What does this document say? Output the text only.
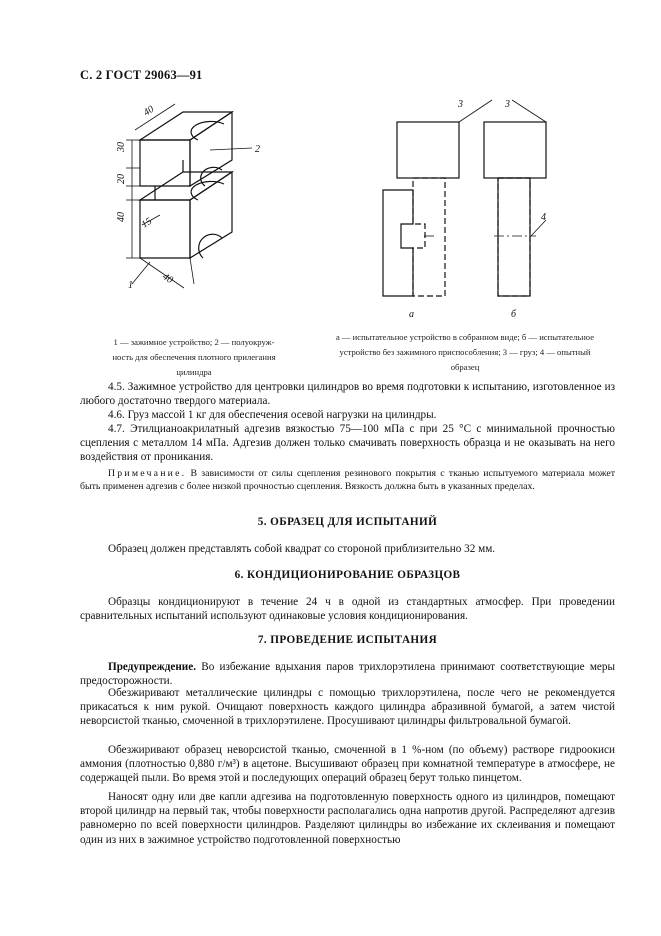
С. 2 ГОСТ 29063—91
40
30
20
40 15
40
1
2
3	3
4
а	б
1 — зажимное устройство; 2 — полуокруж-
ность для обеспечения плотного прилегания
цилиндра
а — испытательное устройство в собранном виде; б — испытательное
устройство без зажимного приспособления; 3 — груз; 4 — опытный
образец
4.5. Зажимное устройство для центровки цилиндров во время подготовки к испытанию, изготовленное из любого достаточно твердого материала.
4.6. Груз массой 1 кг для обеспечения осевой нагрузки на цилиндры.
4.7. Этилцианоакрилатный адгезив вязкостью 75—100 мПа с при 25 °С с минимальной прочностью сцепления с металлом 14 мПа. Адгезив должен только смачивать поверхность образца и не оказывать на него воздействия от проникания.
Примечание. В зависимости от силы сцепления резинового покрытия с тканью испытуемого материала может быть применен адгезив с более низкой прочностью сцепления. Вязкость должна быть в указанных пределах.
5. ОБРАЗЕЦ ДЛЯ ИСПЫТАНИЙ
Образец должен представлять собой квадрат со стороной приблизительно 32 мм.
6. КОНДИЦИОНИРОВАНИЕ ОБРАЗЦОВ
Образцы кондиционируют в течение 24 ч в одной из стандартных атмосфер. При проведении сравнительных испытаний используют одинаковые условия кондиционирования.
7. ПРОВЕДЕНИЕ ИСПЫТАНИЯ
Предупреждение. Во избежание вдыхания паров трихлорэтилена принимают соответствующие меры предосторожности.
Обезжиривают металлические цилиндры с помощью трихлорэтилена, после чего не рекомендуется прикасаться к ним рукой. Очищают поверхность каждого цилиндра абразивной бумагой, а затем чистой неворсистой тканью, смоченной в трихлорэтилене. Просушивают цилиндры фильтровальной бумагой.
Обезжиривают образец неворсистой тканью, смоченной в 1 %-ном (по объему) растворе гидроокиси аммония (плотностью 0,880 г/м³) в ацетоне. Высушивают образец при комнатной температуре в атмосфере, не содержащей пыли. Во время этой и последующих операций образец берут только пинцетом.
Наносят одну или две капли адгезива на подготовленную поверхность одного из цилиндров, помещают второй цилиндр на первый так, чтобы поверхности располагались одна напротив другой. Распределяют адгезив равномерно по всей поверхности цилиндров. Разделяют цилиндры во избежание их склеивания и помещают один из них в зажимное устройство подготовленной поверхностью
